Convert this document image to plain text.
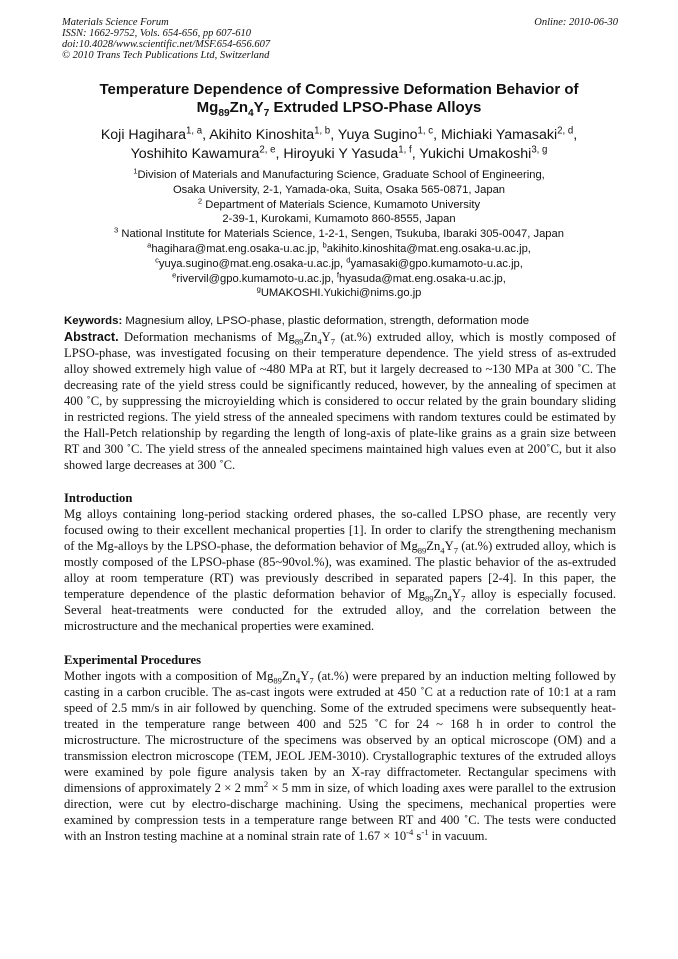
Materials Science Forum
ISSN: 1662-9752, Vols. 654-656, pp 607-610
doi:10.4028/www.scientific.net/MSF.654-656.607
© 2010 Trans Tech Publications Ltd, Switzerland
Online: 2010-06-30
Temperature Dependence of Compressive Deformation Behavior of
$Mg_{89}Zn_4Y_7$ Extruded LPSO-Phase Alloys
Koji Hagihara$^{1, a}$, Akihito Kinoshita$^{1, b}$, Yuya Sugino$^{1, c}$, Michiaki Yamasaki$^{2, d}$,
Yoshihito Kawamura$^{2, e}$, Hiroyuki Y Yasuda$^{1, f}$, Yukichi Umakoshi$^{3, g}$
$^1$Division of Materials and Manufacturing Science, Graduate School of Engineering,
Osaka University, 2-1, Yamada-oka, Suita, Osaka 565-0871, Japan
$^2$ Department of Materials Science, Kumamoto University
2-39-1, Kurokami, Kumamoto 860-8555, Japan
$^3$ National Institute for Materials Science, 1-2-1, Sengen, Tsukuba, Ibaraki 305-0047, Japan
$^a$hagihara@mat.eng.osaka-u.ac.jp, $^b$akihito.kinoshita@mat.eng.osaka-u.ac.jp,
$^c$yuya.sugino@mat.eng.osaka-u.ac.jp, $^d$yamasaki@gpo.kumamoto-u.ac.jp,
$^e$rivervil@gpo.kumamoto-u.ac.jp, $^f$hyasuda@mat.eng.osaka-u.ac.jp,
$^g$UMAKOSHI.Yukichi@nims.go.jp
Keywords: Magnesium alloy, LPSO-phase, plastic deformation, strength, deformation mode

Abstract. Deformation mechanisms of $Mg_{89}Zn_4Y_7$ (at.%) extruded alloy, which is mostly composed of LPSO-phase, was investigated focusing on their temperature dependence. The yield stress of as-extruded alloy showed extremely high value of ~480 MPa at RT, but it largely decreased to ~130 MPa at 300 ˚C. The decreasing rate of the yield stress could be significantly reduced, however, by the annealing of specimen at 400 ˚C, by suppressing the microyielding which is considered to occur related by the grain boundary sliding in restricted regions. The yield stress of the annealed specimens with random textures could be estimated by the Hall-Petch relationship by regarding the length of long-axis of plate-like grains as a grain size between RT and 300 ˚C. The yield stress of the annealed specimens maintained high values even at 200˚C, but it also showed large decreases at 300 ˚C.

Introduction

Mg alloys containing long-period stacking ordered phases, the so-called LPSO phase, are recently very focused owing to their excellent mechanical properties [1]. In order to clarify the strengthening mechanism of the Mg-alloys by the LPSO-phase, the deformation behavior of $Mg_{89}Zn_4Y_7$ (at.%) extruded alloy, which is mostly composed of the LPSO-phase (85~90vol.%), was examined. The plastic behavior of the as-extruded alloy at room temperature (RT) was previously described in separated papers [2-4]. In this paper, the temperature dependence of the plastic deformation behavior of $Mg_{89}Zn_4Y_7$ alloy is especially focused. Several heat-treatments were conducted for the extruded alloy, and the correlation between the microstructure and the mechanical properties were examined.

Experimental Procedures

Mother ingots with a composition of $Mg_{89}Zn_4Y_7$ (at.%) were prepared by an induction melting followed by casting in a carbon crucible. The as-cast ingots were extruded at 450 ˚C at a reduction rate of 10:1 at a ram speed of 2.5 mm/s in air followed by quenching. Some of the extruded specimens were subsequently heat-treated in the temperature range between 400 and 525 ˚C for 24 ~ 168 h in order to control the microstructure. The microstructure of the specimens was observed by an optical microscope (OM) and a transmission electron microscope (TEM, JEOL JEM-3010). Crystallographic textures of the extruded alloys were examined by pole figure analysis taken by an X-ray diffractometer. Rectangular specimens with dimensions of approximately 2 × 2 $mm^2 \times 5$ mm in size, of which loading axes were parallel to the extrusion direction, were cut by electro-discharge machining. Using the specimens, mechanical properties were examined by compression tests in a temperature range between RT and 400 ˚C. The tests were conducted with an Instron testing machine at a nominal strain rate of $1.67 \times 10^{-4}$ $s^{-1}$ in vacuum.
